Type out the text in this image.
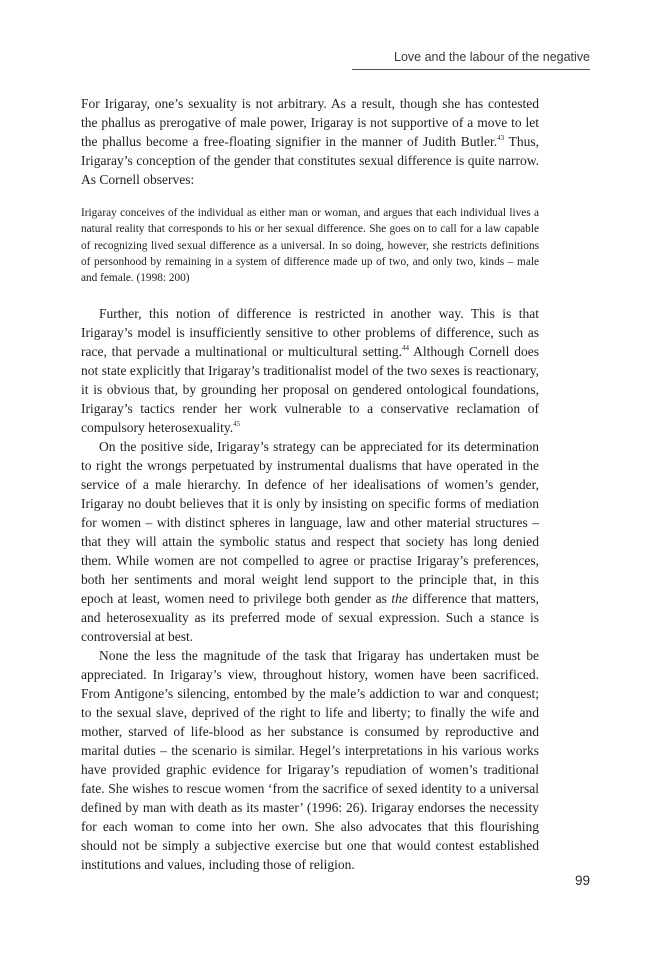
Love and the labour of the negative

For Irigaray, one’s sexuality is not arbitrary. As a result, though she has contested the phallus as prerogative of male power, Irigaray is not supportive of a move to let the phallus become a free-floating signifier in the manner of Judith Butler.$^{43}$ Thus, Irigaray’s conception of the gender that constitutes sexual difference is quite narrow. As Cornell observes:

Irigaray conceives of the individual as either man or woman, and argues that each individual lives a natural reality that corresponds to his or her sexual difference. She goes on to call for a law capable of recognizing lived sexual difference as a universal. In so doing, however, she restricts definitions of personhood by remaining in a system of difference made up of two, and only two, kinds – male and female. (1998: 200)

Further, this notion of difference is restricted in another way. This is that Irigaray’s model is insufficiently sensitive to other problems of difference, such as race, that pervade a multinational or multicultural setting.$^{44}$ Although Cornell does not state explicitly that Irigaray’s traditionalist model of the two sexes is reactionary, it is obvious that, by grounding her proposal on gendered ontological foundations, Irigaray’s tactics render her work vulnerable to a conservative reclamation of compulsory heterosexuality.$^{45}$

On the positive side, Irigaray’s strategy can be appreciated for its determination to right the wrongs perpetuated by instrumental dualisms that have operated in the service of a male hierarchy. In defence of her idealisations of women’s gender, Irigaray no doubt believes that it is only by insisting on specific forms of mediation for women – with distinct spheres in language, law and other material structures – that they will attain the symbolic status and respect that society has long denied them. While women are not compelled to agree or practise Irigaray’s preferences, both her sentiments and moral weight lend support to the principle that, in this epoch at least, women need to privilege both gender as the difference that matters, and heterosexuality as its preferred mode of sexual expression. Such a stance is controversial at best.

None the less the magnitude of the task that Irigaray has undertaken must be appreciated. In Irigaray’s view, throughout history, women have been sacrificed. From Antigone’s silencing, entombed by the male’s addiction to war and conquest; to the sexual slave, deprived of the right to life and liberty; to finally the wife and mother, starved of life-blood as her substance is consumed by reproductive and marital duties – the scenario is similar. Hegel’s interpretations in his various works have provided graphic evidence for Irigaray’s repudiation of women’s traditional fate. She wishes to rescue women ‘from the sacrifice of sexed identity to a universal defined by man with death as its master’ (1996: 26). Irigaray endorses the necessity for each woman to come into her own. She also advocates that this flourishing should not be simply a subjective exercise but one that would contest established institutions and values, including those of religion.

99
